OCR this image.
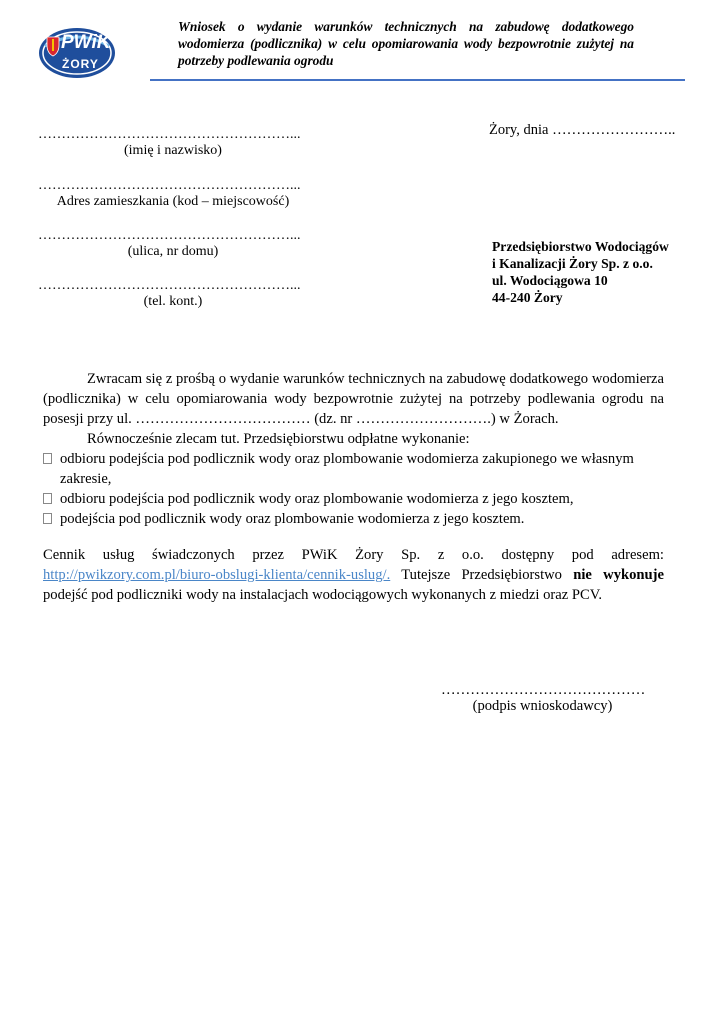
PWiK
ŻORY
Wniosek o wydanie warunków technicznych na zabudowę dodatkowego wodomierza (podlicznika) w celu opomiarowania wody bezpowrotnie zużytej na potrzeby podlewania ogrodu
………………………………………………...
(imię i nazwisko)
………………………………………………...
Adres zamieszkania (kod – miejscowość)
………………………………………………...
(ulica, nr domu)
………………………………………………...
(tel. kont.)
Żory, dnia ……………………..
Przedsiębiorstwo Wodociągów
i Kanalizacji Żory Sp. z o.o.
ul. Wodociągowa 10
44-240 Żory
Zwracam się z prośbą o wydanie warunków technicznych na zabudowę dodatkowego wodomierza (podlicznika) w celu opomiarowania wody bezpowrotnie zużytej na potrzeby podlewania ogrodu na posesji przy ul. ……………………………… (dz. nr ……………………….) w Żorach.
Równocześnie zlecam tut. Przedsiębiorstwu odpłatne wykonanie:
odbioru podejścia pod podlicznik wody oraz plombowanie wodomierza zakupionego we własnym zakresie,
odbioru podejścia pod podlicznik wody oraz plombowanie wodomierza z jego kosztem,
podejścia pod podlicznik wody oraz plombowanie wodomierza z jego kosztem.
Cennik usług świadczonych przez PWiK Żory Sp. z o.o. dostępny pod adresem: http://pwikzory.com.pl/biuro-obslugi-klienta/cennik-uslug/. Tutejsze Przedsiębiorstwo nie wykonuje podejść pod podliczniki wody na instalacjach wodociągowych wykonanych z miedzi oraz PCV.
……………………………………
(podpis wnioskodawcy)
